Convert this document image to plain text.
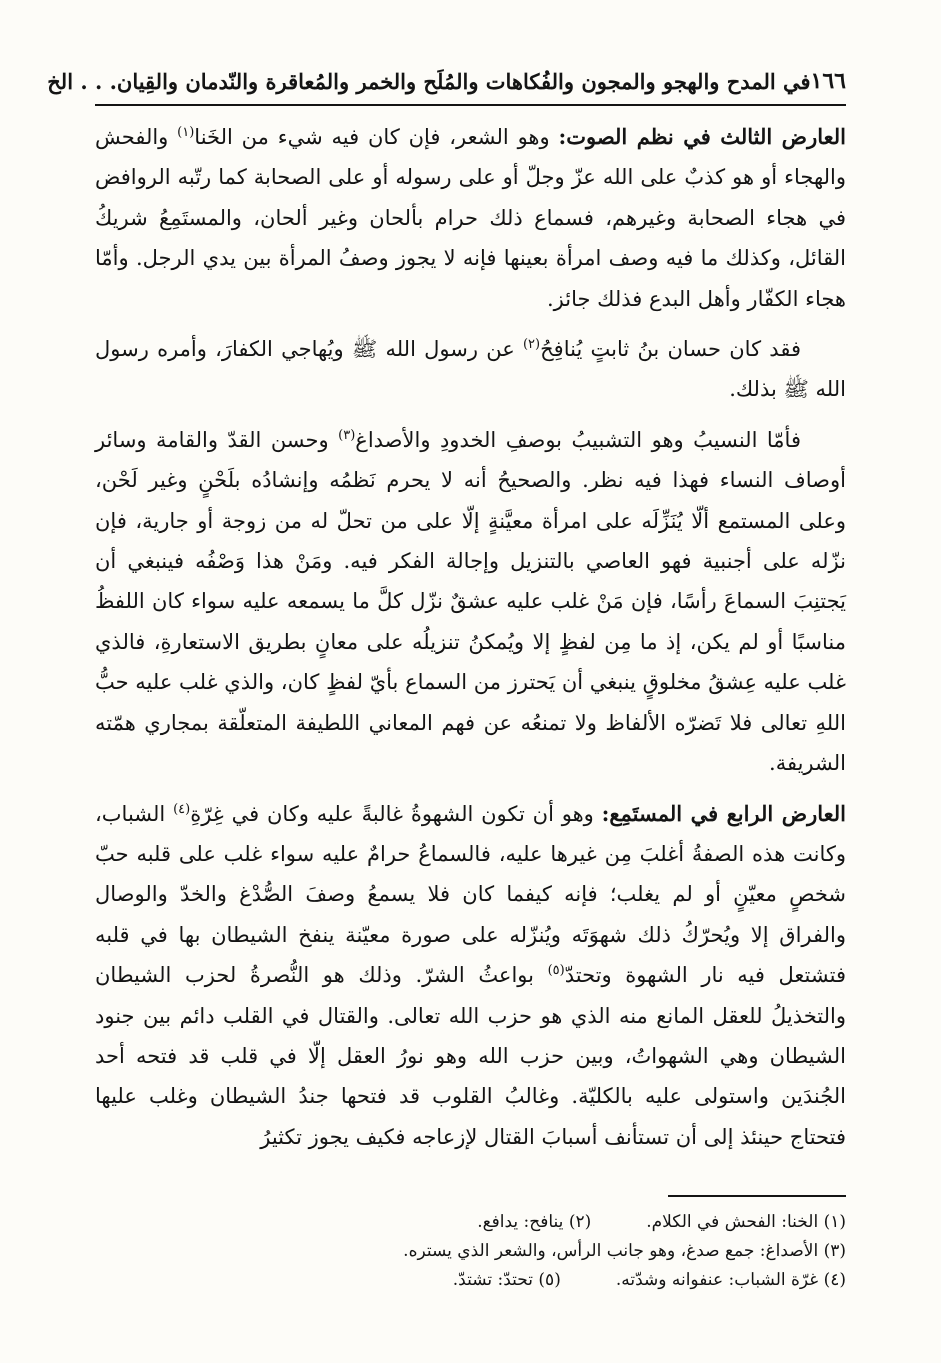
١٦٦
في المدح والهجو والمجون والفُكاهات والمُلَح والخمر والمُعاقرة والنّدمان والقِيان. . . الخ

العارض الثالث في نظم الصوت: وهو الشعر، فإن كان فيه شيء من الخَنا$^{(١)}$ والفحش والهجاء أو هو كذبٌ على الله عزّ وجلّ أو على رسوله أو على الصحابة كما رتّبه الروافض في هجاء الصحابة وغيرهم، فسماع ذلك حرام بألحان وغير ألحان، والمستَمِعُ شريكُ القائل، وكذلك ما فيه وصف امرأة بعينها فإنه لا يجوز وصفُ المرأة بين يدي الرجل. وأمّا هجاء الكفّار وأهل البدع فذلك جائز.

فقد كان حسان بنُ ثابتٍ يُنافِحُ$^{(٢)}$ عن رسول الله ﷺ ويُهاجي الكفارَ، وأمره رسول الله ﷺ بذلك.

فأمّا النسيبُ وهو التشبيبُ بوصفِ الخدودِ والأصداغ$^{(٣)}$ وحسن القدّ والقامة وسائر أوصاف النساء فهذا فيه نظر. والصحيحُ أنه لا يحرم نَظمُه وإنشادُه بلَحْنٍ وغير لَحْن، وعلى المستمع ألّا يُنَزِّلَه على امرأة معيَّنةٍ إلّا على من تحلّ له من زوجة أو جارية، فإن نزّله على أجنبية فهو العاصي بالتنزيل وإجالة الفكر فيه. ومَنْ هذا وَصْفُه فينبغي أن يَجتنِبَ السماعَ رأسًا، فإن مَنْ غلب عليه عشقٌ نزّل كلَّ ما يسمعه عليه سواء كان اللفظُ مناسبًا أو لم يكن، إذ ما مِن لفظٍ إلا ويُمكنُ تنزيلُه على معانٍ بطريق الاستعارةِ، فالذي غلب عليه عِشقُ مخلوقٍ ينبغي أن يَحترز من السماع بأيّ لفظٍ كان، والذي غلب عليه حبُّ اللهِ تعالى فلا تَضرّه الألفاظ ولا تمنعُه عن فهم المعاني اللطيفة المتعلّقة بمجاري همّته الشريفة.

العارض الرابع في المستَمِع: وهو أن تكون الشهوةُ غالبةً عليه وكان في غِرّةِ$^{(٤)}$ الشباب، وكانت هذه الصفةُ أغلبَ مِن غيرها عليه، فالسماعُ حرامٌ عليه سواء غلب على قلبه حبّ شخصٍ معيّنٍ أو لم يغلب؛ فإنه كيفما كان فلا يسمعُ وصفَ الصُّدْغ والخدّ والوصال والفراق إلا ويُحرّكُ ذلك شهوَتَه ويُنزّله على صورة معيّنة ينفخ الشيطان بها في قلبه فتشتعل فيه نار الشهوة وتحتدّ$^{(٥)}$ بواعثُ الشرّ. وذلك هو النُّصرةُ لحزب الشيطان والتخذيلُ للعقل المانع منه الذي هو حزب الله تعالى. والقتال في القلب دائم بين جنود الشيطان وهي الشهواتُ، وبين حزب الله وهو نورُ العقل إلّا في قلب قد فتحه أحد الجُندَين واستولى عليه بالكليّة. وغالبُ القلوب قد فتحها جندُ الشيطان وغلب عليها فتحتاج حينئذ إلى أن تستأنف أسبابَ القتال لإزعاجه فكيف يجوز تكثيرُ

(١) الخنا: الفحش في الكلام.
(٢) ينافح: يدافع.
(٣) الأصداغ: جمع صدغ، وهو جانب الرأس، والشعر الذي يستره.
(٤) غرّة الشباب: عنفوانه وشدّته.
(٥) تحتدّ: تشتدّ.
